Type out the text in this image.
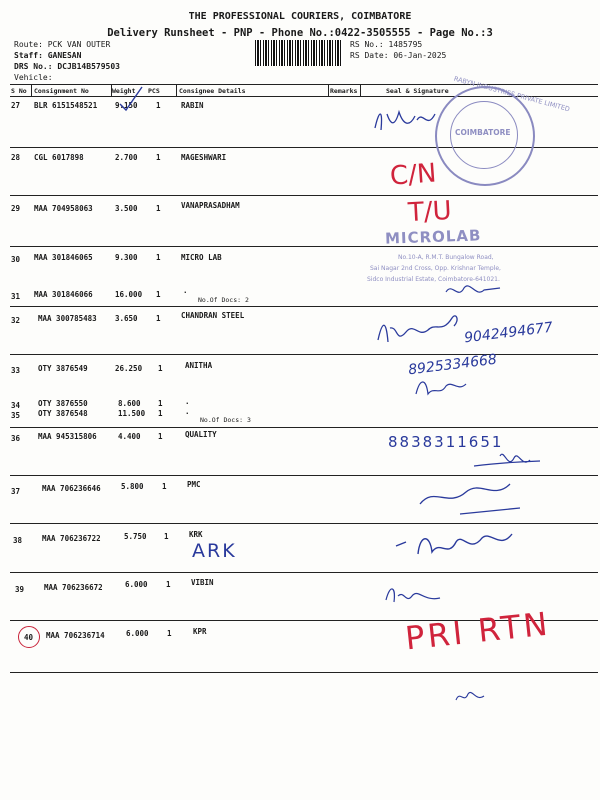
THE PROFESSIONAL COURIERS, COIMBATORE
Delivery Runsheet - PNP - Phone No.:0422-3505555 - Page No.:3
Route: PCK VAN OUTER
Staff: GANESAN
DRS No.: DCJB14B579503
Vehicle:
RS No.: 1485795
RS Date: 06-Jan-2025
S No Consignment No	Weight PCS	Consignee Details	Remarks	Seal & Signature
27 BLR 6151548521 9.150 1	RABIN
28 CGL 6017898	2.700 1	MAGESHWARI
29 MAA 704958063	3.500 1	VANAPRASADHAM
30 MAA 301846065	9.300 1	MICRO LAB
31 MAA 301846066	16.000 1	.
No.Of Docs: 2
32 MAA 300785483 3.650 1	CHANDRAN STEEL
33 OTY 3876549	26.250 1	ANITHA
34 OTY 3876550	8.600 1	.
35 OTY 3876548	11.500 1	.
No.Of Docs: 3
36 MAA 945315806	4.400 1	QUALITY
37	MAA 706236646	5.800 1	PMC
38	MAA 706236722	5.750 1	KRK
39	MAA 706236672	6.000 1	VIBIN
40 MAA 706236714	6.000 1	KPR
RABYN INDUSTRIES PRIVATE LIMITED
COIMBATORE
MICROLAB
No.10-A, R.M.T. Bungalow Road,
Sai Nagar 2nd Cross, Opp. Krishnar Temple,
Sidco Industrial Estate, Coimbatore-641021.
C/N
T/U
9042494677
8925334668
8838311651
ARK
PRI RTN
